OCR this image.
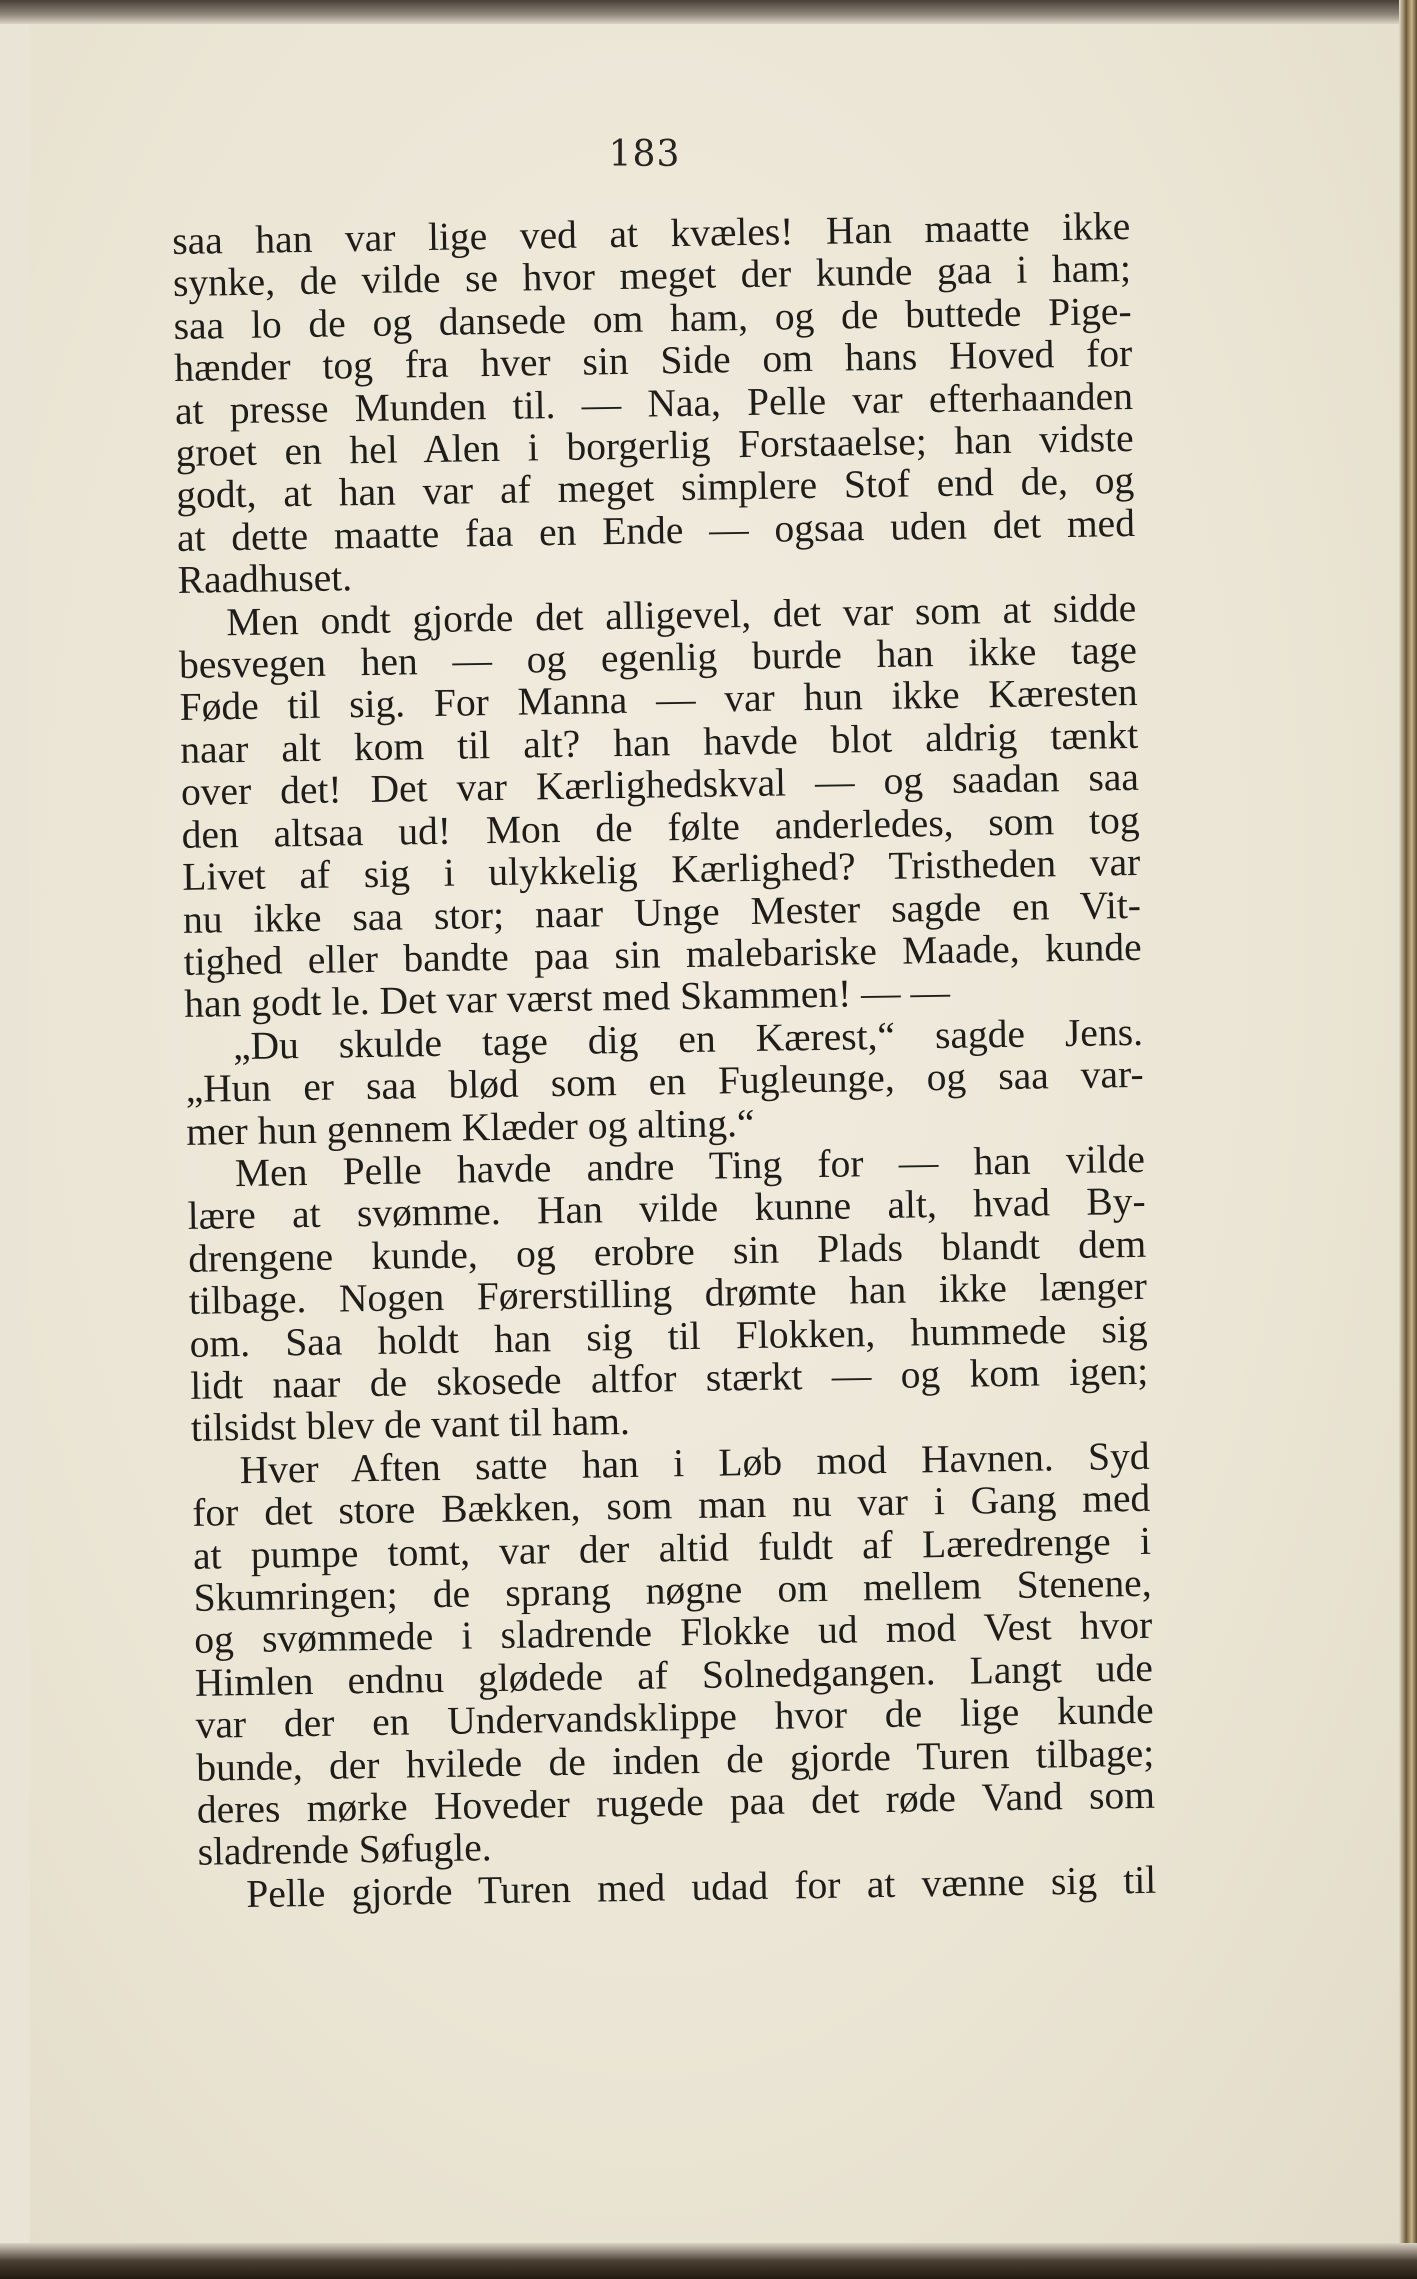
183
saa han var lige ved at kvæles! Han maatte ikke
synke, de vilde se hvor meget der kunde gaa i ham;
saa lo de og dansede om ham, og de buttede Pige-
hænder tog fra hver sin Side om hans Hoved for
at presse Munden til. — Naa, Pelle var efterhaanden
groet en hel Alen i borgerlig Forstaaelse; han vidste
godt, at han var af meget simplere Stof end de, og
at dette maatte faa en Ende — ogsaa uden det med
Raadhuset.
Men ondt gjorde det alligevel, det var som at sidde
besvegen hen — og egenlig burde han ikke tage
Føde til sig. For Manna — var hun ikke Kæresten
naar alt kom til alt? han havde blot aldrig tænkt
over det! Det var Kærlighedskval — og saadan saa
den altsaa ud! Mon de følte anderledes, som tog
Livet af sig i ulykkelig Kærlighed? Tristheden var
nu ikke saa stor; naar Unge Mester sagde en Vit-
tighed eller bandte paa sin malebariske Maade, kunde
han godt le. Det var værst med Skammen! — —
„Du skulde tage dig en Kærest,“ sagde Jens.
„Hun er saa blød som en Fugleunge, og saa var-
mer hun gennem Klæder og alting.“
Men Pelle havde andre Ting for — han vilde
lære at svømme. Han vilde kunne alt, hvad By-
drengene kunde, og erobre sin Plads blandt dem
tilbage. Nogen Førerstilling drømte han ikke længer
om. Saa holdt han sig til Flokken, hummede sig
lidt naar de skosede altfor stærkt — og kom igen;
tilsidst blev de vant til ham.
Hver Aften satte han i Løb mod Havnen. Syd
for det store Bækken, som man nu var i Gang med
at pumpe tomt, var der altid fuldt af Læredrenge i
Skumringen; de sprang nøgne om mellem Stenene,
og svømmede i sladrende Flokke ud mod Vest hvor
Himlen endnu glødede af Solnedgangen. Langt ude
var der en Undervandsklippe hvor de lige kunde
bunde, der hvilede de inden de gjorde Turen tilbage;
deres mørke Hoveder rugede paa det røde Vand som
sladrende Søfugle.
Pelle gjorde Turen med udad for at vænne sig til
